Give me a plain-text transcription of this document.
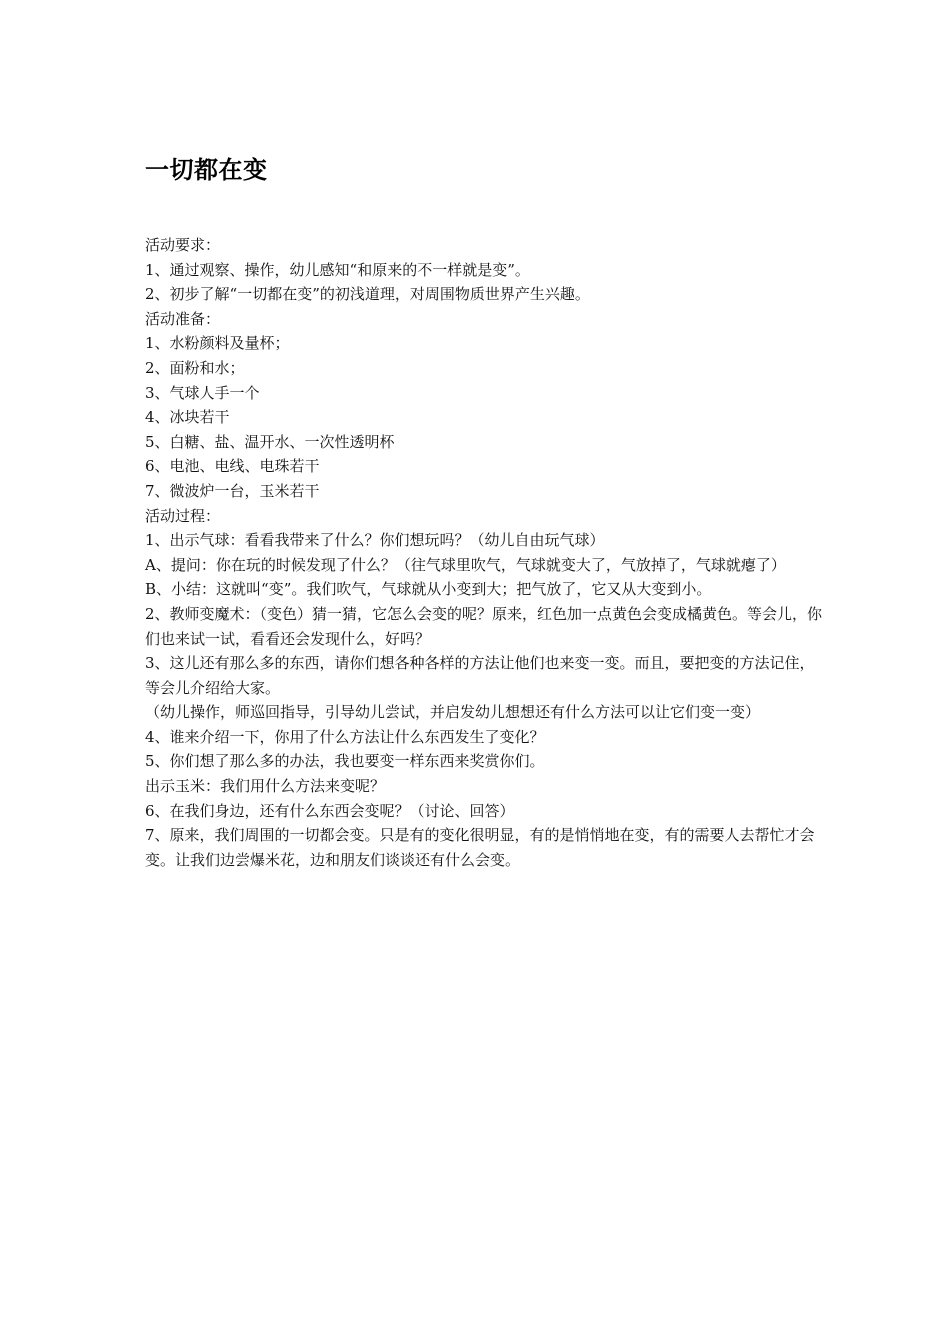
一切都在变

活动要求：

1、通过观察、操作，幼儿感知“和原来的不一样就是变”。

2、初步了解“一切都在变”的初浅道理，对周围物质世界产生兴趣。

活动准备：

1、水粉颜料及量杯；

2、面粉和水；

3、气球人手一个

4、冰块若干

5、白糖、盐、温开水、一次性透明杯

6、电池、电线、电珠若干

7、微波炉一台，玉米若干

活动过程：

1、出示气球：看看我带来了什么？你们想玩吗？（幼儿自由玩气球）

A、提问：你在玩的时候发现了什么？（往气球里吹气，气球就变大了，气放掉了，气球就瘪了）

B、小结：这就叫“变”。我们吹气，气球就从小变到大；把气放了，它又从大变到小。

2、教师变魔术：（变色）猜一猜，它怎么会变的呢？原来，红色加一点黄色会变成橘黄色。等会儿，你们也来试一试，看看还会发现什么，好吗？

3、这儿还有那么多的东西，请你们想各种各样的方法让他们也来变一变。而且，要把变的方法记住，等会儿介绍给大家。

（幼儿操作，师巡回指导，引导幼儿尝试，并启发幼儿想想还有什么方法可以让它们变一变）

4、谁来介绍一下，你用了什么方法让什么东西发生了变化？

5、你们想了那么多的办法，我也要变一样东西来奖赏你们。

出示玉米：我们用什么方法来变呢？

6、在我们身边，还有什么东西会变呢？（讨论、回答）

7、原来，我们周围的一切都会变。只是有的变化很明显，有的是悄悄地在变，有的需要人去帮忙才会变。让我们边尝爆米花，边和朋友们谈谈还有什么会变。
